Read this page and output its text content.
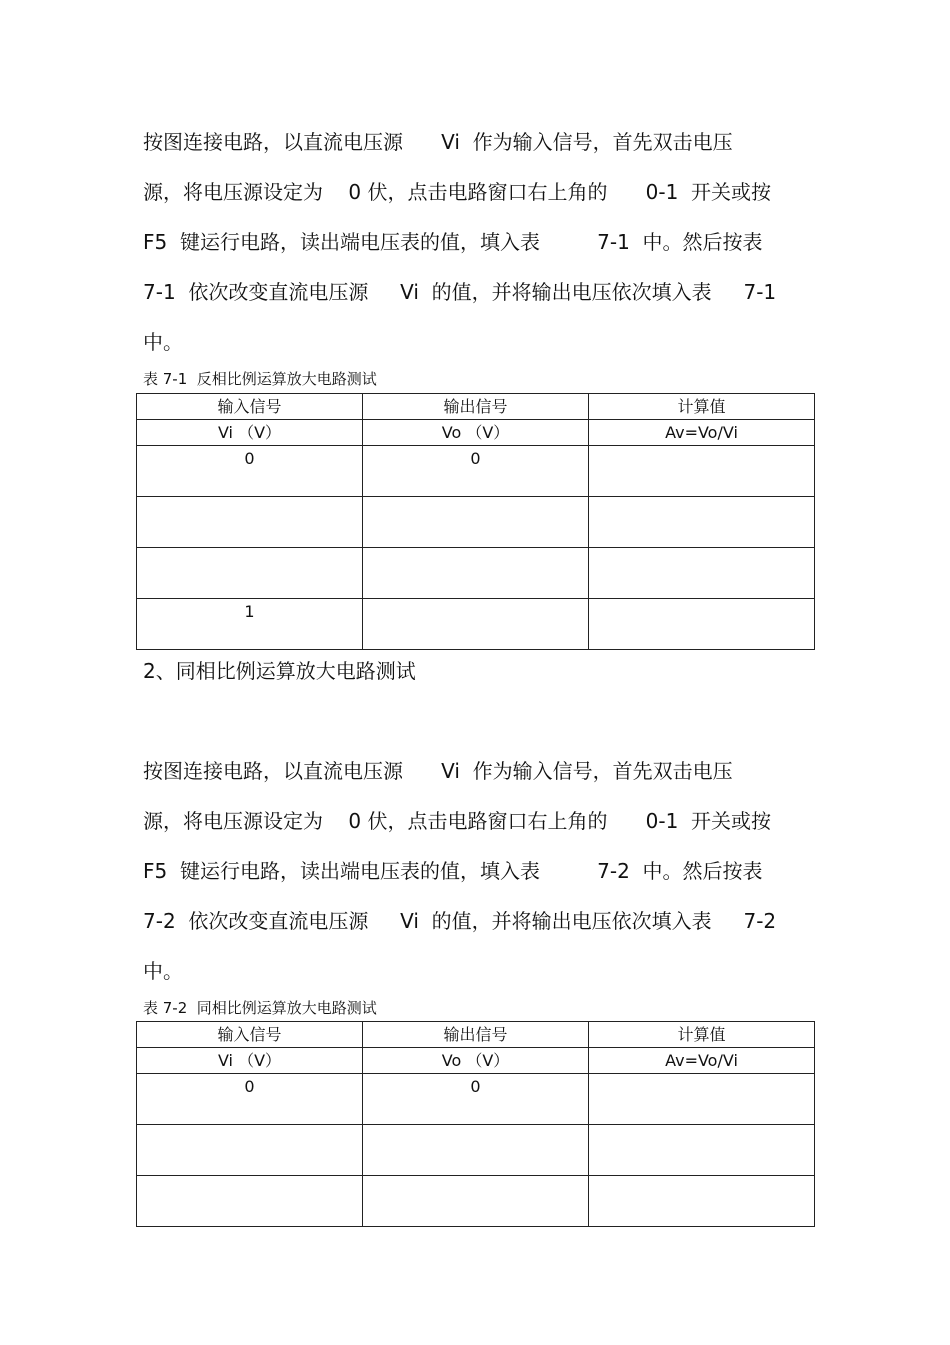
按图连接电路，以直流电压源      Vi  作为输入信号，首先双击电压
源，将电压源设定为    0 伏，点击电路窗口右上角的      0-1  开关或按
F5  键运行电路，读出端电压表的值，填入表         7-1  中。然后按表
7-1  依次改变直流电压源     Vi  的值，并将输出电压依次填入表     7-1
中。
表 7-1  反相比例运算放大电路测试
输入信号	输出信号	计算值
Vi （V）	Vo （V）	Av=Vo/Vi
0	0	

1		
2、同相比例运算放大电路测试
按图连接电路，以直流电压源      Vi  作为输入信号，首先双击电压
源，将电压源设定为    0 伏，点击电路窗口右上角的      0-1  开关或按
F5  键运行电路，读出端电压表的值，填入表         7-2  中。然后按表
7-2  依次改变直流电压源     Vi  的值，并将输出电压依次填入表     7-2
中。
表 7-2  同相比例运算放大电路测试
输入信号	输出信号	计算值
Vi （V）	Vo （V）	Av=Vo/Vi
0	0	
